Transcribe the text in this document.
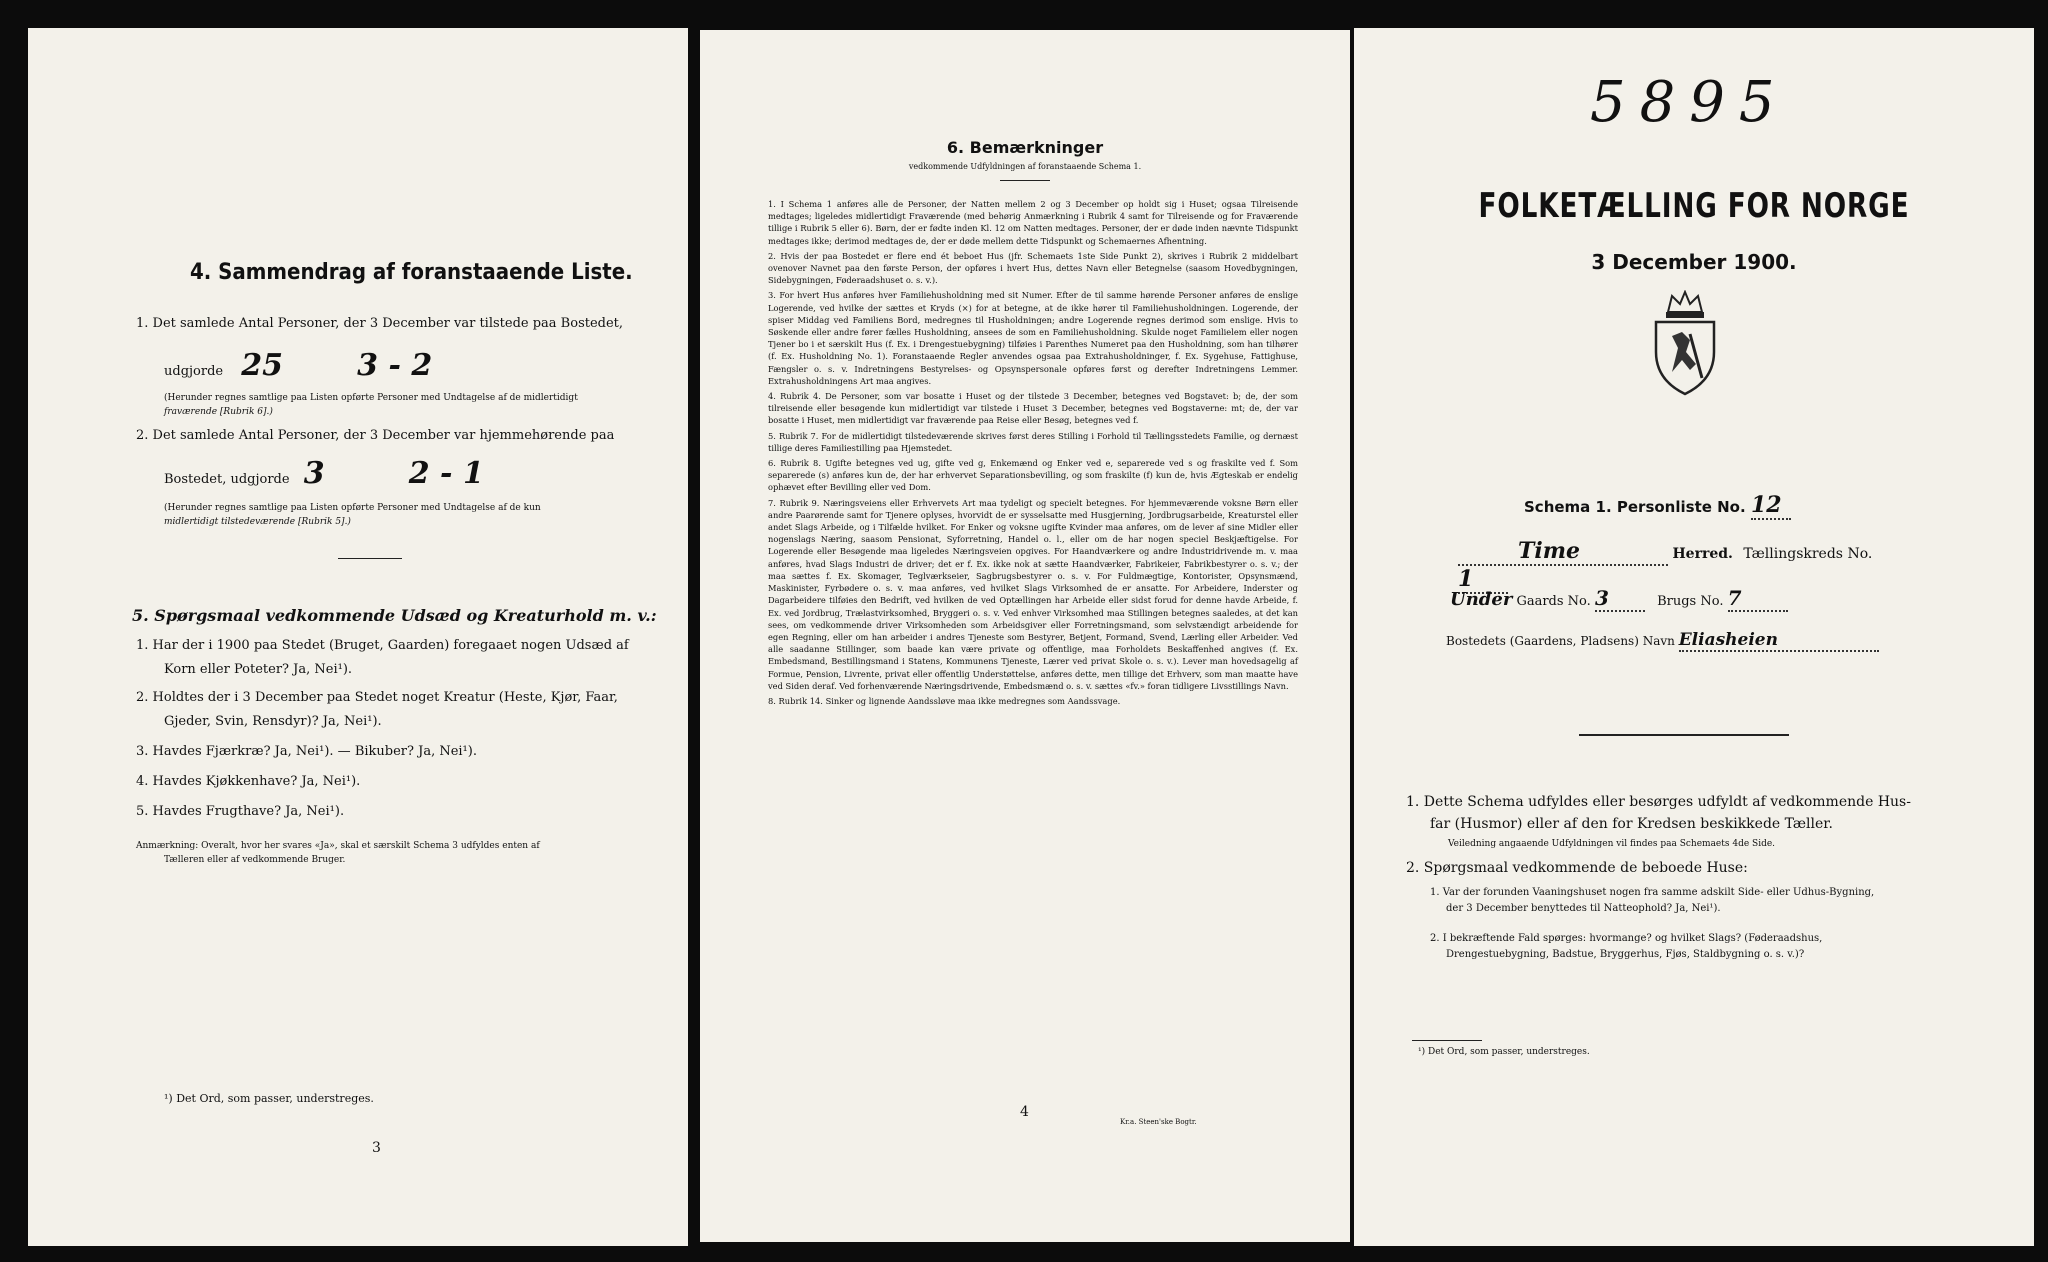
4. Sammendrag af foranstaaende Liste.

1. Det samlede Antal Personer, der 3 December var tilstede paa Bostedet,

udgjorde 25 3 - 2

(Herunder regnes samtlige paa Listen opførte Personer med Undtagelse af de midlertidigt

fraværende [Rubrik 6].)

2. Det samlede Antal Personer, der 3 December var hjemmehørende paa

Bostedet, udgjorde 3	2 - 1

(Herunder regnes samtlige paa Listen opførte Personer med Undtagelse af de kun

midlertidigt tilstedeværende [Rubrik 5].)

5. Spørgsmaal vedkommende Udsæd og Kreaturhold m. v.:

1. Har der i 1900 paa Stedet (Bruget, Gaarden) foregaaet nogen Udsæd af

Korn eller Poteter? Ja, Nei¹).

2. Holdtes der i 3 December paa Stedet noget Kreatur (Heste, Kjør, Faar,

Gjeder, Svin, Rensdyr)? Ja, Nei¹).

3. Havdes Fjærkræ? Ja, Nei¹). — Bikuber? Ja, Nei¹).

4. Havdes Kjøkkenhave? Ja, Nei¹).

5. Havdes Frugthave? Ja, Nei¹).

Anmærkning: Overalt, hvor her svares «Ja», skal et særskilt Schema 3 udfyldes enten af

Tælleren eller af vedkommende Bruger.

¹) Det Ord, som passer, understreges.

3

6. Bemærkninger

vedkommende Udfyldningen af foranstaaende Schema 1.

1. I Schema 1 anføres alle de Personer, der Natten mellem 2 og 3 December op holdt sig i Huset; ogsaa Tilreisende medtages; ligeledes midlertidigt Fraværende (med behørig Anmærkning i Rubrik 4 samt for Tilreisende og for Fraværende tillige i Rubrik 5 eller 6). Børn, der er fødte inden Kl. 12 om Natten medtages. Personer, der er døde inden nævnte Tidspunkt medtages ikke; derimod medtages de, der er døde mellem dette Tidspunkt og Schemaernes Afhentning.

2. Hvis der paa Bostedet er flere end ét beboet Hus (jfr. Schemaets 1ste Side Punkt 2), skrives i Rubrik 2 middelbart ovenover Navnet paa den første Person, der opføres i hvert Hus, dettes Navn eller Betegnelse (saasom Hovedbygningen, Sidebygningen, Føderaadshuset o. s. v.).

3. For hvert Hus anføres hver Familiehusholdning med sit Numer. Efter de til samme hørende Personer anføres de enslige Logerende, ved hvilke der sættes et Kryds (×) for at betegne, at de ikke hører til Familiehusholdningen. Logerende, der spiser Middag ved Familiens Bord, medregnes til Husholdningen; andre Logerende regnes derimod som enslige. Hvis to Søskende eller andre fører fælles Husholdning, ansees de som en Familiehusholdning. Skulde noget Familielem eller nogen Tjener bo i et særskilt Hus (f. Ex. i Drengestuebygning) tilføies i Parenthes Numeret paa den Husholdning, som han tilhører (f. Ex. Husholdning No. 1). Foranstaaende Regler anvendes ogsaa paa Extrahusholdninger, f. Ex. Sygehuse, Fattighuse, Fængsler o. s. v. Indretningens Bestyrelses- og Opsynspersonale opføres først og derefter Indretningens Lemmer. Extrahusholdningens Art maa angives.

4. Rubrik 4. De Personer, som var bosatte i Huset og der tilstede 3 December, betegnes ved Bogstavet: b; de, der som tilreisende eller besøgende kun midlertidigt var tilstede i Huset 3 December, betegnes ved Bogstaverne: mt; de, der var bosatte i Huset, men midlertidigt var fraværende paa Reise eller Besøg, betegnes ved f.

5. Rubrik 7. For de midlertidigt tilstedeværende skrives først deres Stilling i Forhold til Tællingsstedets Familie, og dernæst tillige deres Familiestilling paa Hjemstedet.

6. Rubrik 8. Ugifte betegnes ved ug, gifte ved g, Enkemænd og Enker ved e, separerede ved s og fraskilte ved f. Som separerede (s) anføres kun de, der har erhvervet Separationsbevilling, og som fraskilte (f) kun de, hvis Ægteskab er endelig ophævet efter Bevilling eller ved Dom.

7. Rubrik 9. Næringsveiens eller Erhvervets Art maa tydeligt og specielt betegnes. For hjemmeværende voksne Børn eller andre Paarørende samt for Tjenere oplyses, hvorvidt de er sysselsatte med Husgjerning, Jordbrugsarbeide, Kreaturstel eller andet Slags Arbeide, og i Tilfælde hvilket. For Enker og voksne ugifte Kvinder maa anføres, om de lever af sine Midler eller nogenslags Næring, saasom Pensionat, Syforretning, Handel o. l., eller om de har nogen speciel Beskjæftigelse. For Logerende eller Besøgende maa ligeledes Næringsveien opgives. For Haandværkere og andre Industridrivende m. v. maa anføres, hvad Slags Industri de driver; det er f. Ex. ikke nok at sætte Haandværker, Fabrikeier, Fabrikbestyrer o. s. v.; der maa sættes f. Ex. Skomager, Teglværkseier, Sagbrugsbestyrer o. s. v. For Fuldmægtige, Kontorister, Opsynsmænd, Maskinister, Fyrbødere o. s. v. maa anføres, ved hvilket Slags Virksomhed de er ansatte. For Arbeidere, Inderster og Dagarbeidere tilføies den Bedrift, ved hvilken de ved Optællingen har Arbeide eller sidst forud for denne havde Arbeide, f. Ex. ved Jordbrug, Trælastvirksomhed, Bryggeri o. s. v. Ved enhver Virksomhed maa Stillingen betegnes saaledes, at det kan sees, om vedkommende driver Virksomheden som Arbeidsgiver eller Forretningsmand, som selvstændigt arbeidende for egen Regning, eller om han arbeider i andres Tjeneste som Bestyrer, Betjent, Formand, Svend, Lærling eller Arbeider. Ved alle saadanne Stillinger, som baade kan være private og offentlige, maa Forholdets Beskaffenhed angives (f. Ex. Embedsmand, Bestillingsmand i Statens, Kommunens Tjeneste, Lærer ved privat Skole o. s. v.). Lever man hovedsagelig af Formue, Pension, Livrente, privat eller offentlig Understøttelse, anføres dette, men tillige det Erhverv, som man maatte have ved Siden deraf. Ved forhenværende Næringsdrivende, Embedsmænd o. s. v. sættes «fv.» foran tidligere Livsstillings Navn.

8. Rubrik 14. Sinker og lignende Aandssløve maa ikke medregnes som Aandssvage.

4

Kr.a. Steen'ske Bogtr.

5895

FOLKETÆLLING FOR NORGE

3 December 1900.

Schema 1. Personliste No. 12
Time	Herred. Tællingskreds No. 1
Under Gaards No. 3	Brugs No. 7
Bostedets (Gaardens, Pladsens) Navn Eliasheien

1. Dette Schema udfyldes eller besørges udfyldt af vedkommende Hus-

far (Husmor) eller af den for Kredsen beskikkede Tæller.

Veiledning angaaende Udfyldningen vil findes paa Schemaets 4de Side.

2. Spørgsmaal vedkommende de beboede Huse:

1. Var der forunden Vaaningshuset nogen fra samme adskilt Side- eller Udhus-Bygning,

der 3 December benyttedes til Natteophold? Ja, Nei¹).

2. I bekræftende Fald spørges: hvormange? og hvilket Slags? (Føderaadshus,

Drengestuebygning, Badstue, Bryggerhus, Fjøs, Staldbygning o. s. v.)?

¹) Det Ord, som passer, understreges.
